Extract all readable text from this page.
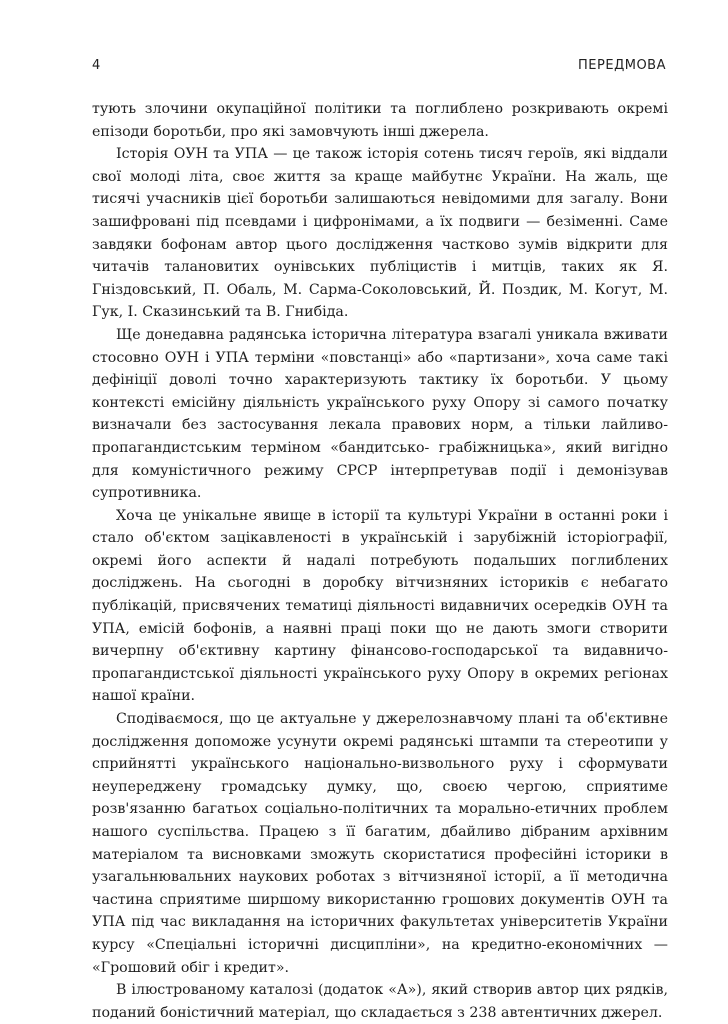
4	ПЕРЕДМОВА

тують злочини окупаційної політики та поглиблено розкривають окремі епізоди боротьби, про які замовчують інші джерела.

Історія ОУН та УПА — це також історія сотень тисяч героїв, які віддали свої молоді літа, своє життя за краще майбутнє України. На жаль, ще тисячі учасників цієї боротьби залишаються невідомими для загалу. Вони зашифровані під псевдами і цифронімами, а їх подвиги — безіменні. Саме завдяки бофонам автор цього дослідження частково зумів відкрити для читачів талановитих оунівських публіцистів і митців, таких як Я. Гніздовський, П. Обаль, М. Сарма-Соколовський, Й. Поздик, М. Когут, М. Гук, І. Сказинський та В. Гнибіда.

Ще донедавна радянська історична література взагалі уникала вживати стосовно ОУН і УПА терміни «повстанці» або «партизани», хоча саме такі дефініції доволі точно характеризують тактику їх боротьби. У цьому контексті емісійну діяльність українського руху Опору зі самого початку визначали без застосування лекала правових норм, а тільки лайливо-пропагандистським терміном «бандитсько- грабіжницька», який вигідно для комуністичного режиму СРСР інтерпретував події і демонізував супротивника.

Хоча це унікальне явище в історії та культурі України в останні роки і стало об'єктом зацікавленості в українській і зарубіжній історіографії, окремі його аспекти й надалі потребують подальших поглиблених досліджень. На сьогодні в доробку вітчизняних істориків є небагато публікацій, присвячених тематиці діяльності видавничих осередків ОУН та УПА, емісій бофонів, а наявні праці поки що не дають змоги створити вичерпну об'єктивну картину фінансово-господарської та видавничо-пропагандистської діяльності українського руху Опору в окремих регіонах нашої країни.

Сподіваємося, що це актуальне у джерелознавчому плані та об'єктивне дослідження допоможе усунути окремі радянські штампи та стереотипи у сприйнятті українського національно-визвольного руху і сформувати неупереджену громадську думку, що, своєю чергою, сприятиме розв'язанню багатьох соціально-політичних та морально-етичних проблем нашого суспільства. Працею з її багатим, дбайливо дібраним архівним матеріалом та висновками зможуть скористатися професійні історики в узагальнювальних наукових роботах з вітчизняної історії, а її методична частина сприятиме ширшому використанню грошових документів ОУН та УПА під час викладання на історичних факультетах університетів України курсу «Спеціальні історичні дисципліни», на кредитно-економічних — «Грошовий обіг і кредит».

В ілюстрованому каталозі (додаток «А»), який створив автор цих рядків, поданий боністичний матеріал, що складається з 238 автентичних джерел.
